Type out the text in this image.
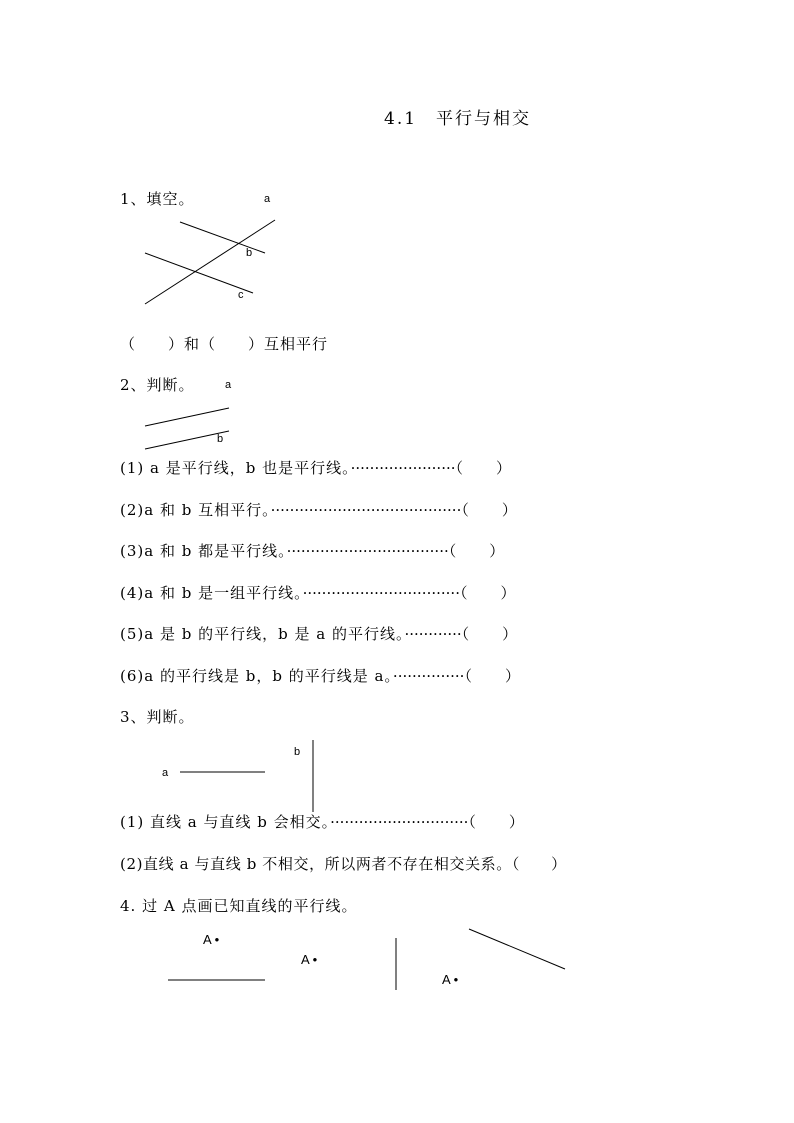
4.1　平行与相交
1、填空。	a
b
c
（　　）和（　　）互相平行
2、判断。	a
b
(1) a 是平行线，b 也是平行线。······················（　　）
(2)a 和 b 互相平行。········································（　　）
(3)a 和 b 都是平行线。··································（　　）
(4)a 和 b 是一组平行线。·································（　　）
(5)a 是 b 的平行线，b 是 a 的平行线。············（　　）
(6)a 的平行线是 b，b 的平行线是 a。···············（　　）
3、判断。
a
b
(1) 直线 a 与直线 b 会相交。·····························（　　）
(2)直线 a 与直线 b 不相交，所以两者不存在相交关系。（　　）
4. 过 A 点画已知直线的平行线。
A •
A •
A •
